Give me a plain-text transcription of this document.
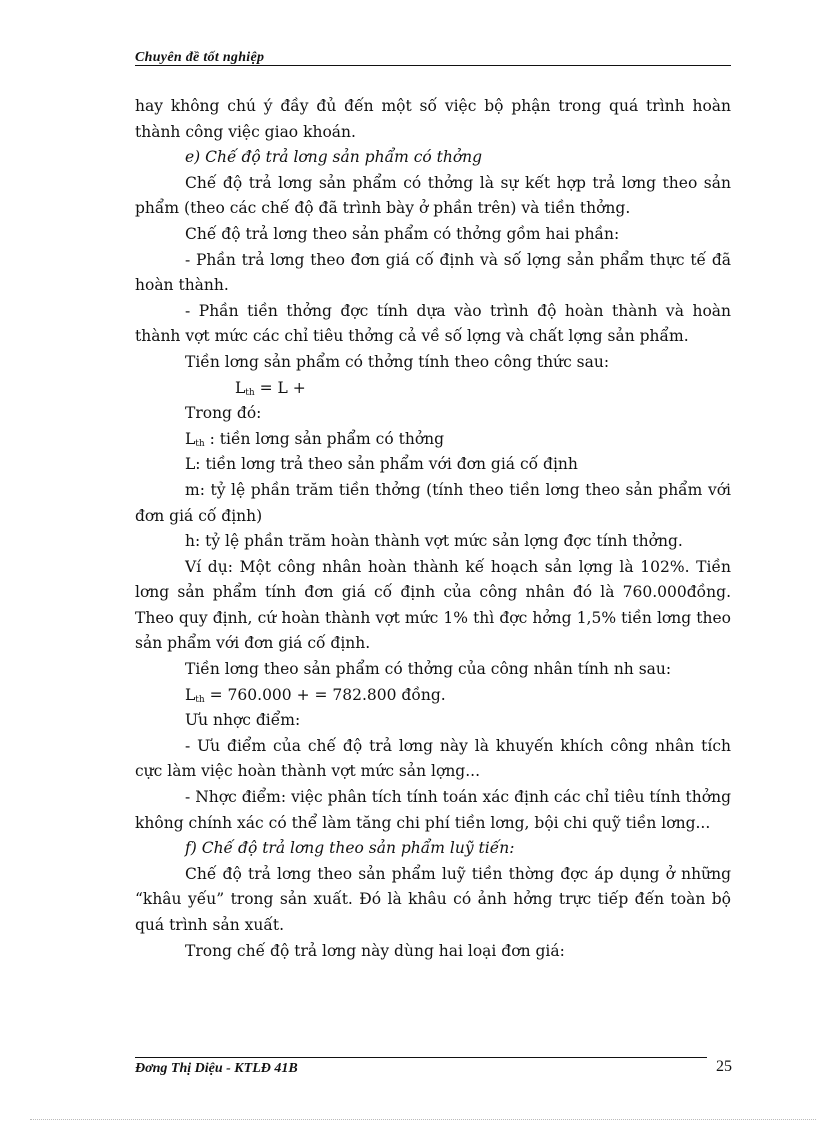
Chuyên đề tốt nghiệp

hay không chú ý đầy đủ đến một số việc bộ phận trong quá trình hoàn thành công việc giao khoán.

e) Chế độ trả lơng sản phẩm có thởng

Chế độ trả lơng sản phẩm có thởng là sự kết hợp trả lơng theo sản phẩm (theo các chế độ đã trình bày ở phần trên) và tiền thởng.

Chế độ trả lơng theo sản phẩm có thởng gồm hai phần:

- Phần trả lơng theo đơn giá cố định và số lợng sản phẩm thực tế đã hoàn thành.

- Phần tiền thởng đợc tính dựa vào trình độ hoàn thành và hoàn thành vợt mức các chỉ tiêu thởng cả về số lợng và chất lợng sản phẩm.

Tiền lơng sản phẩm có thởng tính theo công thức sau:

$L_{th} = L$ +

Trong đó:

$L_{th}$ : tiền lơng sản phẩm có thởng

L: tiền lơng trả theo sản phẩm với đơn giá cố định

m: tỷ lệ phần trăm tiền thởng (tính theo tiền lơng theo sản phẩm với đơn giá cố định)

h: tỷ lệ phần trăm hoàn thành vợt mức sản lợng đợc tính thởng.

Ví dụ: Một công nhân hoàn thành kế hoạch sản lợng là 102%. Tiền lơng sản phẩm tính đơn giá cố định của công nhân đó là 760.000đồng. Theo quy định, cứ hoàn thành vợt mức 1% thì đợc hởng 1,5% tiền lơng theo sản phẩm với đơn giá cố định.

Tiền lơng theo sản phẩm có thởng của công nhân tính nh sau:

$L_{th} = 760.000$ + = 782.800 đồng.

Ưu nhợc điểm:

- Ưu điểm của chế độ trả lơng này là khuyến khích công nhân tích cực làm việc hoàn thành vợt mức sản lợng...

- Nhợc điểm: việc phân tích tính toán xác định các chỉ tiêu tính thởng không chính xác có thể làm tăng chi phí tiền lơng, bội chi quỹ tiền lơng...

f) Chế độ trả lơng theo sản phẩm luỹ tiến:

Chế độ trả lơng theo sản phẩm luỹ tiền thờng đợc áp dụng ở những “khâu yếu” trong sản xuất. Đó là khâu có ảnh hởng trực tiếp đến toàn bộ quá trình sản xuất.

Trong chế độ trả lơng này dùng hai loại đơn giá:

Đơng Thị Diệu - KTLĐ 41B	25
